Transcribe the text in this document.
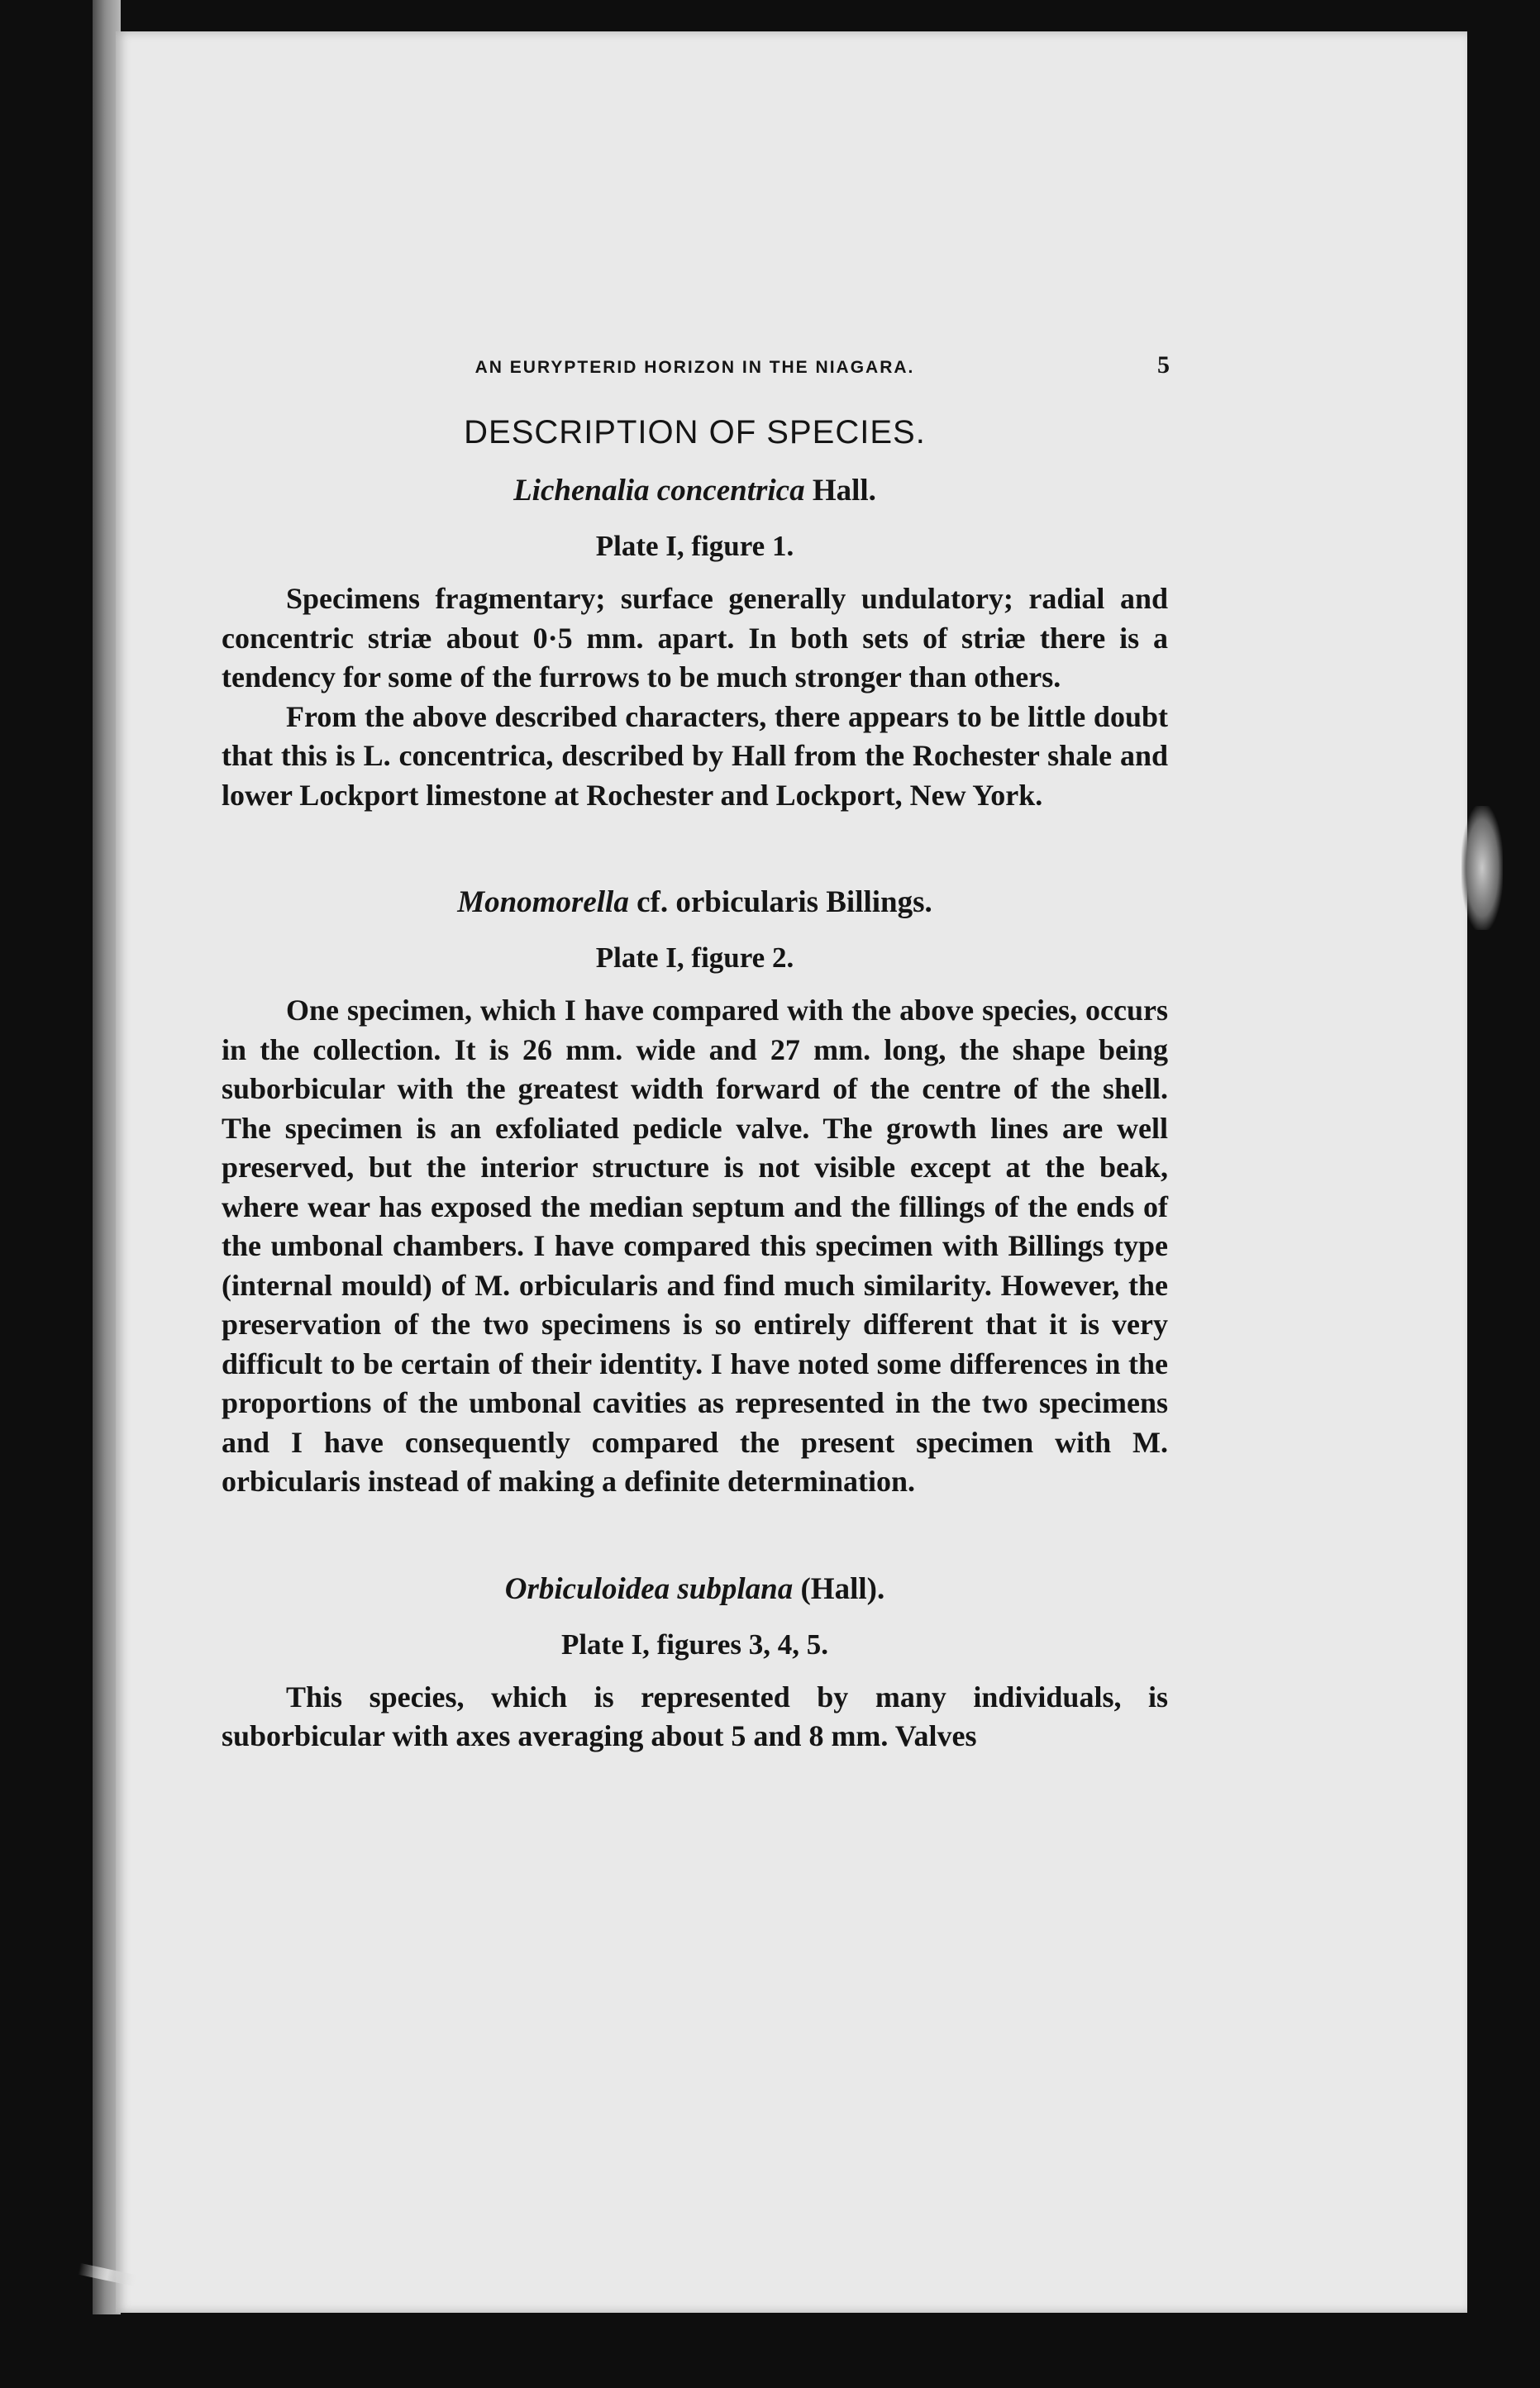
AN EURYPTERID HORIZON IN THE NIAGARA.	5
DESCRIPTION OF SPECIES.
Lichenalia concentrica Hall.
Plate I, figure 1.

Specimens fragmentary; surface generally undulatory; radial and concentric striæ about 0·5 mm. apart. In both sets of striæ there is a tendency for some of the furrows to be much stronger than others.

From the above described characters, there appears to be little doubt that this is L. concentrica, described by Hall from the Rochester shale and lower Lockport limestone at Rochester and Lockport, New York.

Monomorella cf. orbicularis Billings.
Plate I, figure 2.

One specimen, which I have compared with the above species, occurs in the collection. It is 26 mm. wide and 27 mm. long, the shape being suborbicular with the greatest width forward of the centre of the shell. The specimen is an exfoliated pedicle valve. The growth lines are well preserved, but the interior structure is not visible except at the beak, where wear has exposed the median septum and the fillings of the ends of the umbonal chambers. I have compared this specimen with Billings type (internal mould) of M. orbicularis and find much similarity. However, the preservation of the two specimens is so entirely different that it is very difficult to be certain of their identity. I have noted some differences in the proportions of the umbonal cavities as represented in the two specimens and I have consequently compared the present specimen with M. orbicularis instead of making a definite determination.

Orbiculoidea subplana (Hall).
Plate I, figures 3, 4, 5.

This species, which is represented by many individuals, is suborbicular with axes averaging about 5 and 8 mm. Valves
